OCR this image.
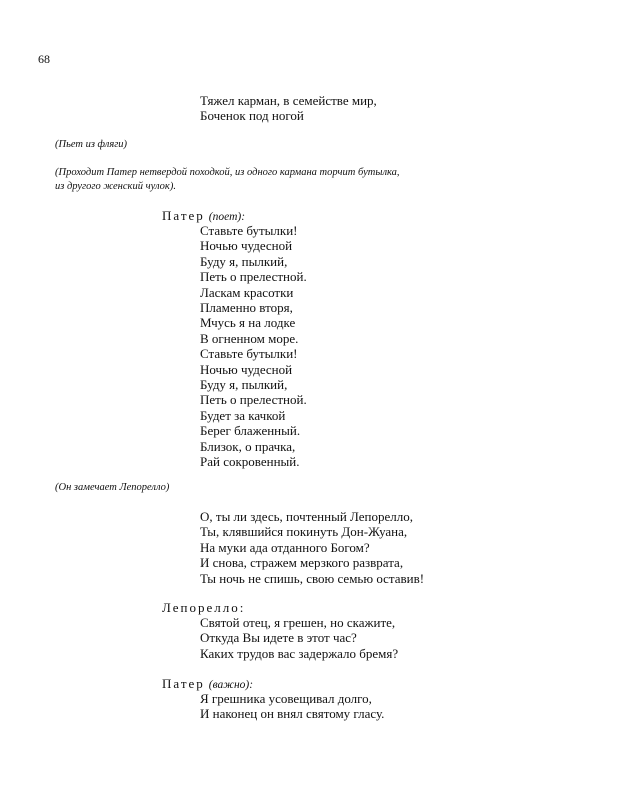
68
Тяжел карман, в семействе мир,
Боченок под ногой
(Пьет из фляги)
(Проходит Патер нетвердой походкой, из одного кармана торчит бутылка,
из другого женский чулок).
Патер (поет):
Ставьте бутылки!
Ночью чудесной
Буду я, пылкий,
Петь о прелестной.
Ласкам красотки
Пламенно вторя,
Мчусь я на лодке
В огненном море.
Ставьте бутылки!
Ночью чудесной
Буду я, пылкий,
Петь о прелестной.
Будет за качкой
Берег блаженный.
Близок, о прачка,
Рай сокровенный.
(Он замечает Лепорелло)
О, ты ли здесь, почтенный Лепорелло,
Ты, клявшийся покинуть Дон-Жуана,
На муки ада отданного Богом?
И снова, стражем мерзкого разврата,
Ты ночь не спишь, свою семью оставив!
Лепорелло:
Святой отец, я грешен, но скажите,
Откуда Вы идете в этот час?
Каких трудов вас задержало бремя?
Патер (важно):
Я грешника усовещивал долго,
И наконец он внял святому гласу.
